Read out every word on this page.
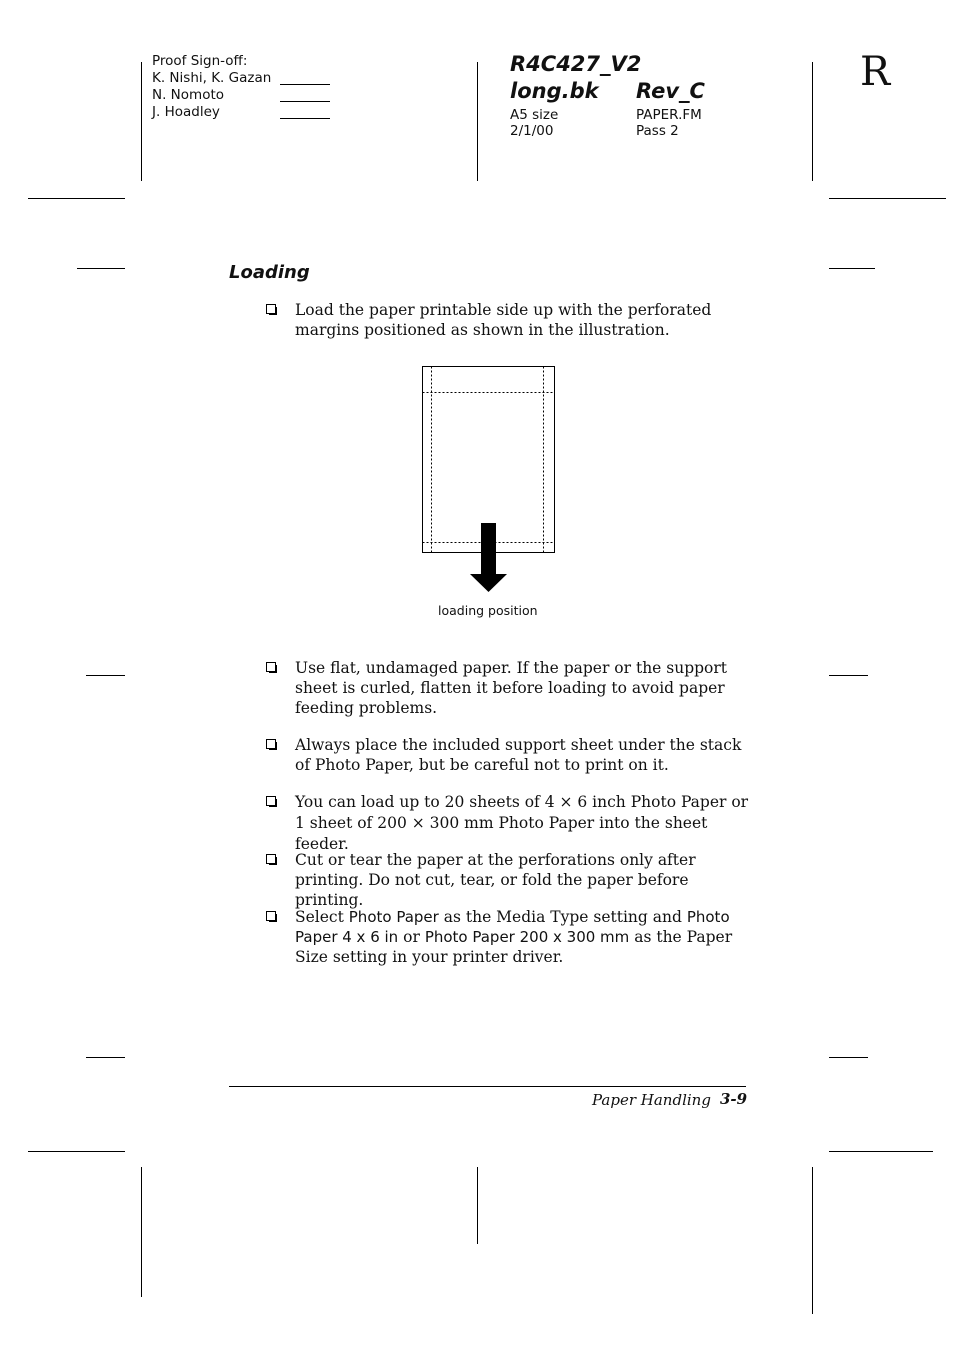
Proof Sign-off:
K. Nishi, K. Gazan
N. Nomoto
J. Hoadley
R4C427_V2
long.bk Rev_C
A5 size	PAPER.FM
2/1/00	Pass 2
R
Loading
Load the paper printable side up with the perforated margins positioned as shown in the illustration.
loading position
Use flat, undamaged paper. If the paper or the support sheet is curled, flatten it before loading to avoid paper feeding problems.
Always place the included support sheet under the stack of Photo Paper, but be careful not to print on it.
You can load up to 20 sheets of 4 × 6 inch Photo Paper or 1 sheet of 200 × 300 mm Photo Paper into the sheet feeder.
Cut or tear the paper at the perforations only after printing. Do not cut, tear, or fold the paper before printing.
Select Photo Paper as the Media Type setting and Photo Paper 4 x 6 in or Photo Paper 200 x 300 mm as the Paper Size setting in your printer driver.
Paper Handling 3-9
